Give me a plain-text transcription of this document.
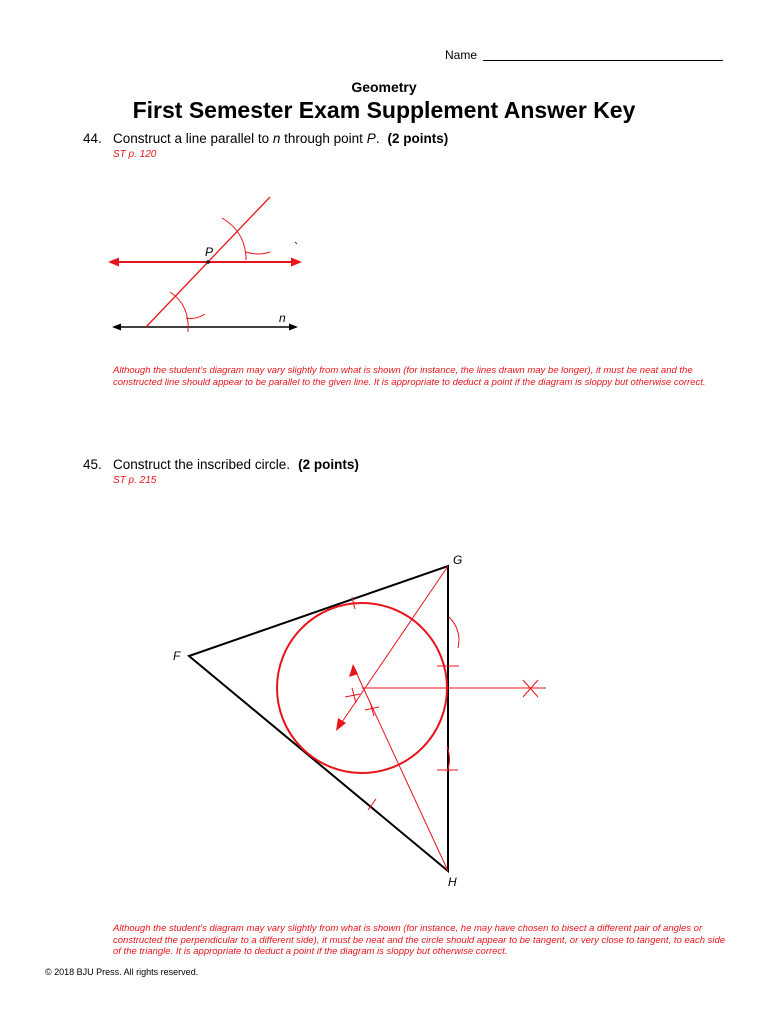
Name
Geometry
First Semester Exam Supplement Answer Key
44. Construct a line parallel to n through point P. (2 points)
ST p. 120
P
n
Although the student’s diagram may vary slightly from what is shown (for instance, the lines drawn may be longer), it must be neat and the constructed line should appear to be parallel to the given line. It is appropriate to deduct a point if the diagram is sloppy but otherwise correct.
45. Construct the inscribed circle. (2 points)
ST p. 215
G
F
H
Although the student’s diagram may vary slightly from what is shown (for instance, he may have chosen to bisect a different pair of angles or constructed the perpendicular to a different side), it must be neat and the circle should appear to be tangent, or very close to tangent, to each side of the triangle. It is appropriate to deduct a point if the diagram is sloppy but otherwise correct.
© 2018 BJU Press. All rights reserved.
